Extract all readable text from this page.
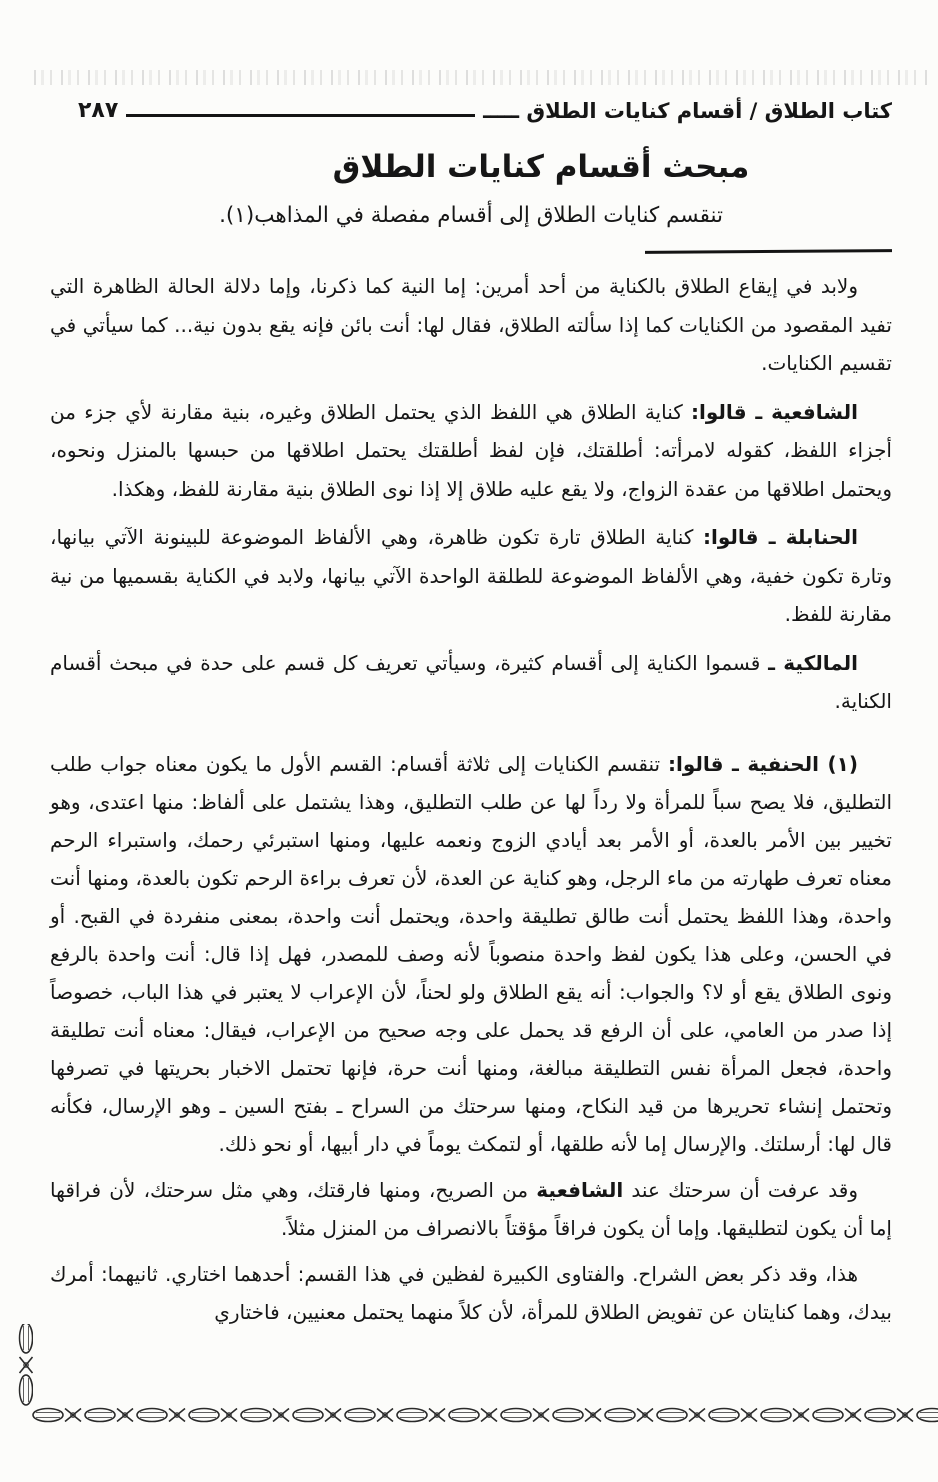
كتاب الطلاق / أقسام كنايات الطلاق ـــــ
٢٨٧
مبحث أقسام كنايات الطلاق
تنقسم كنايات الطلاق إلى أقسام مفصلة في المذاهب(١).

ولابد في إيقاع الطلاق بالكناية من أحد أمرين: إما النية كما ذكرنا، وإما دلالة الحالة الظاهرة التي تفيد المقصود من الكنايات كما إذا سألته الطلاق، فقال لها: أنت بائن فإنه يقع بدون نية... كما سيأتي في تقسيم الكنايات.

الشافعية ـ قالوا: كناية الطلاق هي اللفظ الذي يحتمل الطلاق وغيره، بنية مقارنة لأي جزء من أجزاء اللفظ، كقوله لامرأته: أطلقتك، فإن لفظ أطلقتك يحتمل اطلاقها من حبسها بالمنزل ونحوه، ويحتمل اطلاقها من عقدة الزواج، ولا يقع عليه طلاق إلا إذا نوى الطلاق بنية مقارنة للفظ، وهكذا.

الحنابلة ـ قالوا: كناية الطلاق تارة تكون ظاهرة، وهي الألفاظ الموضوعة للبينونة الآتي بيانها، وتارة تكون خفية، وهي الألفاظ الموضوعة للطلقة الواحدة الآتي بيانها، ولابد في الكناية بقسميها من نية مقارنة للفظ.

المالكية ـ قسموا الكناية إلى أقسام كثيرة، وسيأتي تعريف كل قسم على حدة في مبحث أقسام الكناية.

(١) الحنفية ـ قالوا: تنقسم الكنايات إلى ثلاثة أقسام: القسم الأول ما يكون معناه جواب طلب التطليق، فلا يصح سباً للمرأة ولا رداً لها عن طلب التطليق، وهذا يشتمل على ألفاظ: منها اعتدى، وهو تخيير بين الأمر بالعدة، أو الأمر بعد أيادي الزوج ونعمه عليها، ومنها استبرئي رحمك، واستبراء الرحم معناه تعرف طهارته من ماء الرجل، وهو كناية عن العدة، لأن تعرف براءة الرحم تكون بالعدة، ومنها أنت واحدة، وهذا اللفظ يحتمل أنت طالق تطليقة واحدة، ويحتمل أنت واحدة، بمعنى منفردة في القبح. أو في الحسن، وعلى هذا يكون لفظ واحدة منصوباً لأنه وصف للمصدر، فهل إذا قال: أنت واحدة بالرفع ونوى الطلاق يقع أو لا؟ والجواب: أنه يقع الطلاق ولو لحناً، لأن الإعراب لا يعتبر في هذا الباب، خصوصاً إذا صدر من العامي، على أن الرفع قد يحمل على وجه صحيح من الإعراب، فيقال: معناه أنت تطليقة واحدة، فجعل المرأة نفس التطليقة مبالغة، ومنها أنت حرة، فإنها تحتمل الاخبار بحريتها في تصرفها وتحتمل إنشاء تحريرها من قيد النكاح، ومنها سرحتك من السراح ـ بفتح السين ـ وهو الإرسال، فكأنه قال لها: أرسلتك. والإرسال إما لأنه طلقها، أو لتمكث يوماً في دار أبيها، أو نحو ذلك.

وقد عرفت أن سرحتك عند الشافعية من الصريح، ومنها فارقتك، وهي مثل سرحتك، لأن فراقها إما أن يكون لتطليقها. وإما أن يكون فراقاً مؤقتاً بالانصراف من المنزل مثلاً.

هذا، وقد ذكر بعض الشراح. والفتاوى الكبيرة لفظين في هذا القسم: أحدهما اختاري. ثانيهما: أمرك بيدك، وهما كنايتان عن تفويض الطلاق للمرأة، لأن كلاً منهما يحتمل معنيين، فاختاري
